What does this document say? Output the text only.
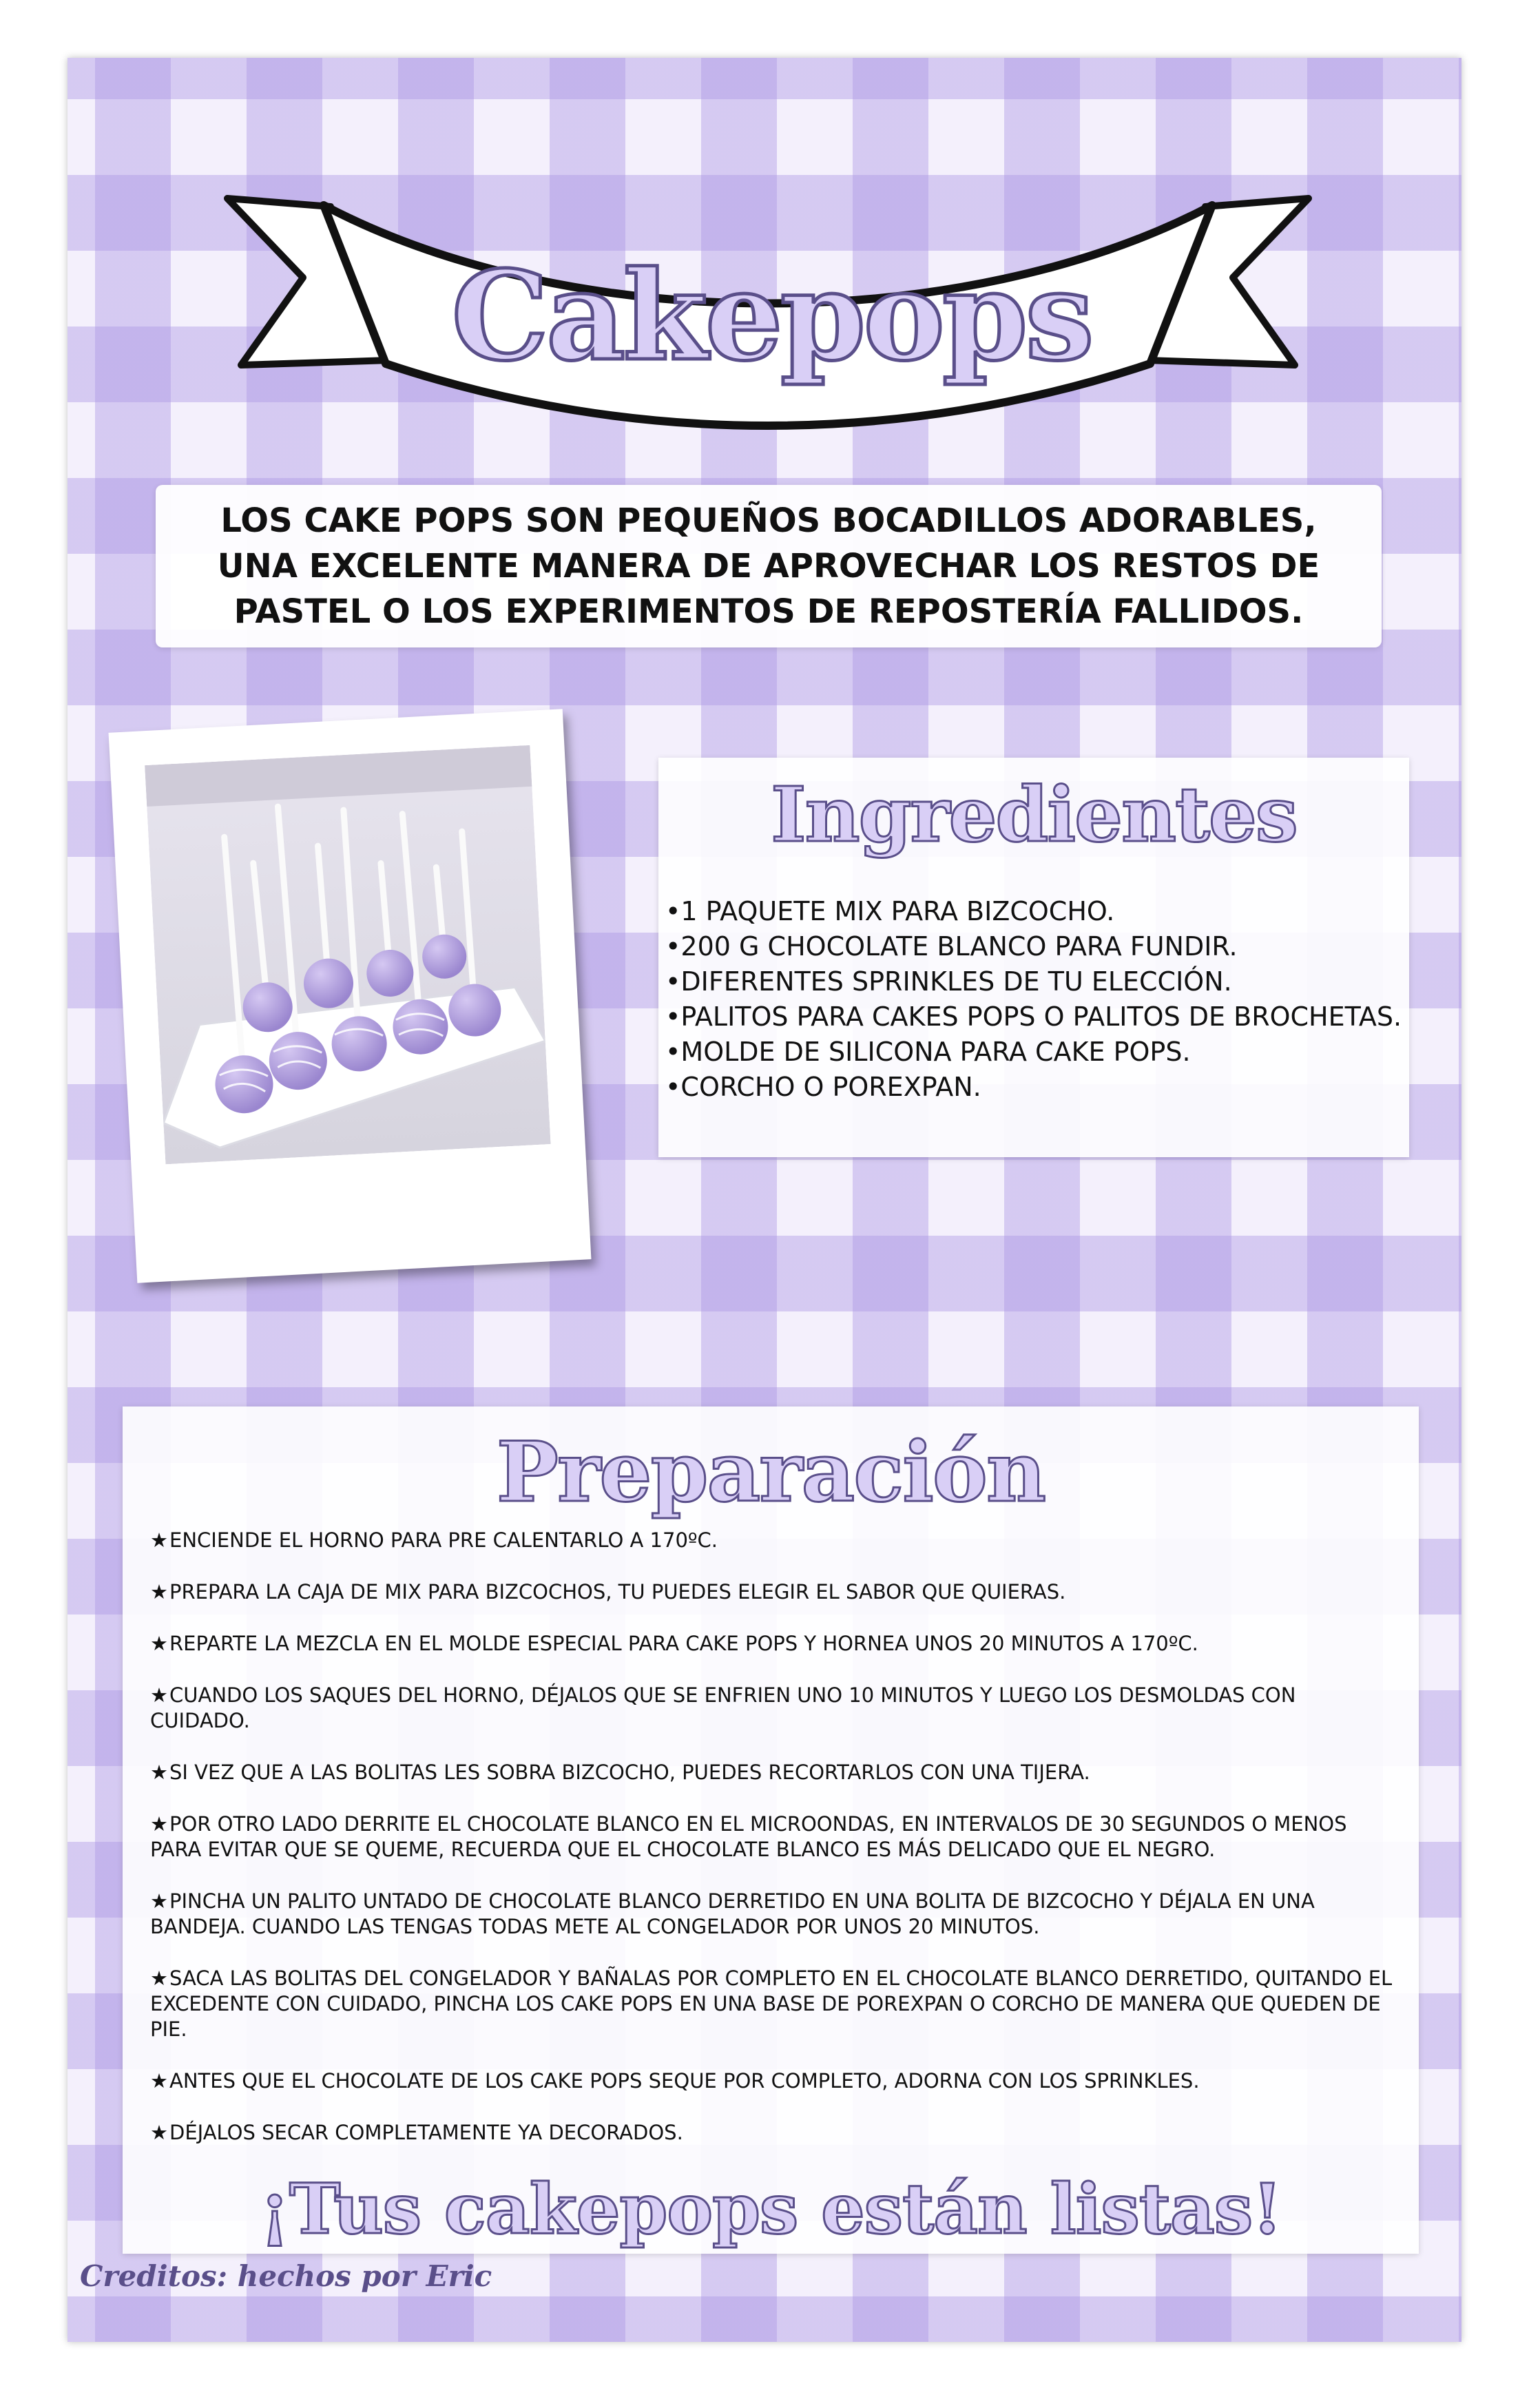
Cakepops

LOS CAKE POPS SON PEQUEÑOS BOCADILLOS ADORABLES, UNA EXCELENTE MANERA DE APROVECHAR LOS RESTOS DE PASTEL O LOS EXPERIMENTOS DE REPOSTERÍA FALLIDOS.

Ingredientes
•1 PAQUETE MIX PARA BIZCOCHO.
•200 G CHOCOLATE BLANCO PARA FUNDIR.
•DIFERENTES SPRINKLES DE TU ELECCIÓN.
•PALITOS PARA CAKES POPS O PALITOS DE BROCHETAS.
•MOLDE DE SILICONA PARA CAKE POPS.
•CORCHO O POREXPAN.
Preparación
★ENCIENDE EL HORNO PARA PRE CALENTARLO A 170ºC.
★PREPARA LA CAJA DE MIX PARA BIZCOCHOS, TU PUEDES ELEGIR EL SABOR QUE QUIERAS.
★REPARTE LA MEZCLA EN EL MOLDE ESPECIAL PARA CAKE POPS Y HORNEA UNOS 20 MINUTOS A 170ºC.
★CUANDO LOS SAQUES DEL HORNO, DÉJALOS QUE SE ENFRIEN UNO 10 MINUTOS Y LUEGO LOS DESMOLDAS CON CUIDADO.
★SI VEZ QUE A LAS BOLITAS LES SOBRA BIZCOCHO, PUEDES RECORTARLOS CON UNA TIJERA.
★POR OTRO LADO DERRITE EL CHOCOLATE BLANCO EN EL MICROONDAS, EN INTERVALOS DE 30 SEGUNDOS O MENOS PARA EVITAR QUE SE QUEME, RECUERDA QUE EL CHOCOLATE BLANCO ES MÁS DELICADO QUE EL NEGRO.
★PINCHA UN PALITO UNTADO DE CHOCOLATE BLANCO DERRETIDO EN UNA BOLITA DE BIZCOCHO Y DÉJALA EN UNA BANDEJA. CUANDO LAS TENGAS TODAS METE AL CONGELADOR POR UNOS 20 MINUTOS.
★SACA LAS BOLITAS DEL CONGELADOR Y BAÑALAS POR COMPLETO EN EL CHOCOLATE BLANCO DERRETIDO, QUITANDO EL EXCEDENTE CON CUIDADO, PINCHA LOS CAKE POPS EN UNA BASE DE POREXPAN O CORCHO DE MANERA QUE QUEDEN DE PIE.
★ANTES QUE EL CHOCOLATE DE LOS CAKE POPS SEQUE POR COMPLETO, ADORNA CON LOS SPRINKLES.
★DÉJALOS SECAR COMPLETAMENTE YA DECORADOS.
¡Tus cakepops están listas!
Creditos: hechos por Eric
